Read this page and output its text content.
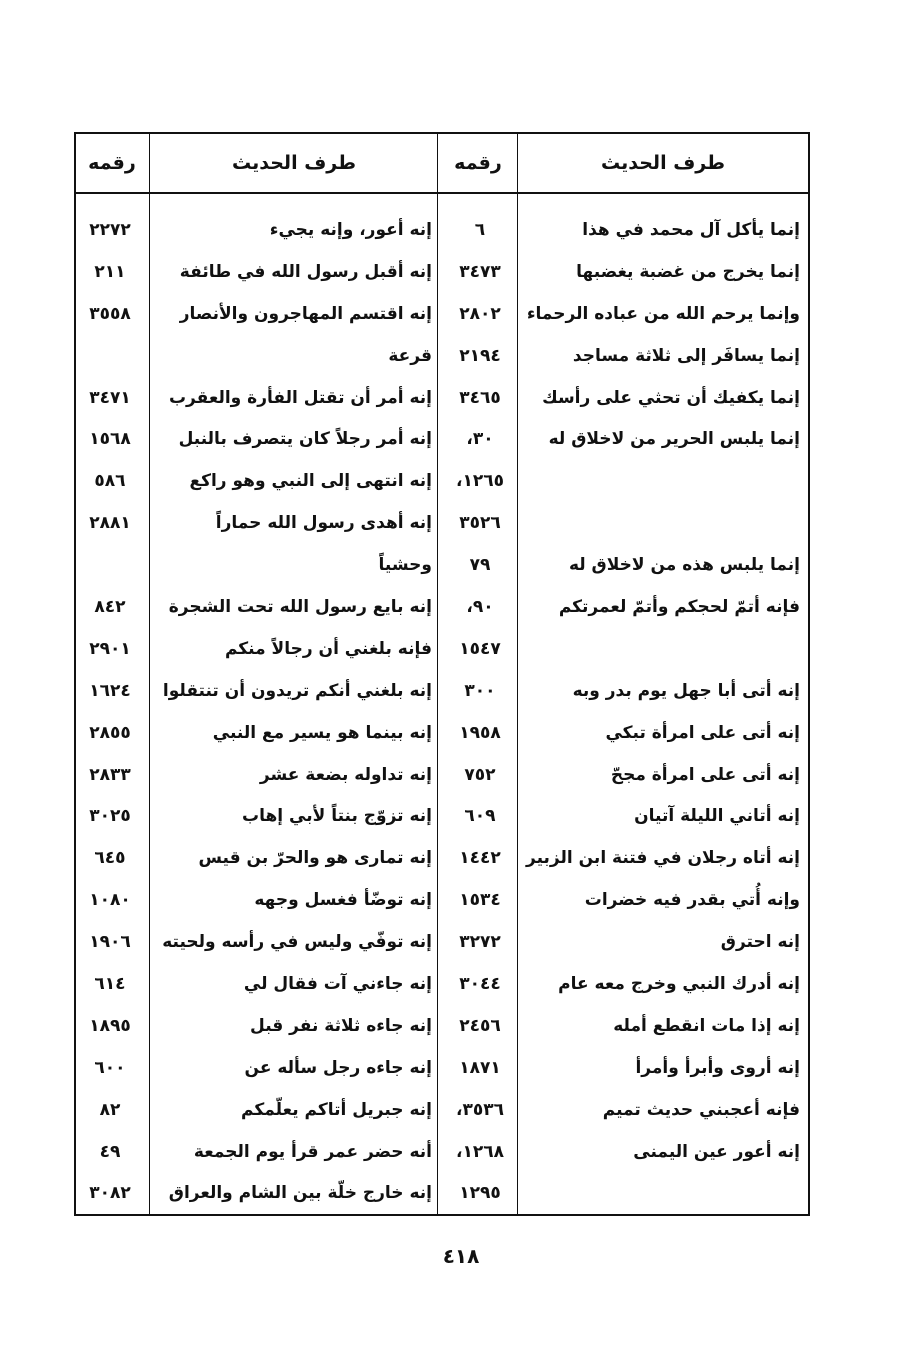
طرف الحديث
رقمه
طرف الحديث
رقمه
إنما يأكل آل محمد في هذا
٦
إنه أعور، وإنه يجيء
٢٢٧٢
إنما يخرج من غضبة يغضبها
٣٤٧٣
إنه أقبل رسول الله في طائفة
٢١١
وإنما يرحم الله من عباده الرحماء
٢٨٠٢
إنه اقتسم المهاجرون والأنصار
٣٥٥٨
إنما يسافَر إلى ثلاثة مساجد
٢١٩٤
قرعة
إنما يكفيك أن تحثي على رأسك
٣٤٦٥
إنه أمر أن تقتل الفأرة والعقرب
٣٤٧١
إنما يلبس الحرير من لاخلاق له
٣٠،
إنه أمر رجلاً كان يتصرف بالنبل
١٥٦٨
١٢٦٥،
إنه انتهى إلى النبي وهو راكع
٥٨٦
٣٥٢٦
إنه أهدى رسول الله حماراً
٢٨٨١
إنما يلبس هذه من لاخلاق له
٧٩
وحشياً
فإنه أتمّ لحجكم وأتمّ لعمرتكم
٩٠،
إنه بايع رسول الله تحت الشجرة
٨٤٢
١٥٤٧
فإنه بلغني أن رجالاً منكم
٢٩٠١
إنه أتى أبا جهل يوم بدر وبه
٣٠٠
إنه بلغني أنكم تريدون أن تنتقلوا
١٦٢٤
إنه أتى على امرأة تبكي
١٩٥٨
إنه بينما هو يسير مع النبي
٢٨٥٥
إنه أتى على امرأة مجحّ
٧٥٢
إنه تداوله بضعة عشر
٢٨٣٣
إنه أتاني الليلة آتيان
٦٠٩
إنه تزوّج بنتاً لأبي إهاب
٣٠٢٥
إنه أتاه رجلان في فتنة ابن الزبير
١٤٤٢
إنه تمارى هو والحرّ بن قيس
٦٤٥
وإنه أُتي بقدر فيه خضرات
١٥٣٤
إنه توضّأ فغسل وجهه
١٠٨٠
إنه احترق
٣٢٧٢
إنه توفّي وليس في رأسه ولحيته
١٩٠٦
إنه أدرك النبي وخرج معه عام
٣٠٤٤
إنه جاءني آت فقال لي
٦١٤
إنه إذا مات انقطع أمله
٢٤٥٦
إنه جاءه ثلاثة نفر قبل
١٨٩٥
إنه أروى وأبرأ وأمرأ
١٨٧١
إنه جاءه رجل سأله عن
٦٠٠
فإنه أعجبني حديث تميم
٣٥٣٦،
إنه جبريل أتاكم يعلّمكم
٨٢
إنه أعور عين اليمنى
١٢٦٨،
أنه حضر عمر قرأ يوم الجمعة
٤٩
١٢٩٥
إنه خارج خلّة بين الشام والعراق
٣٠٨٢
٤١٨
